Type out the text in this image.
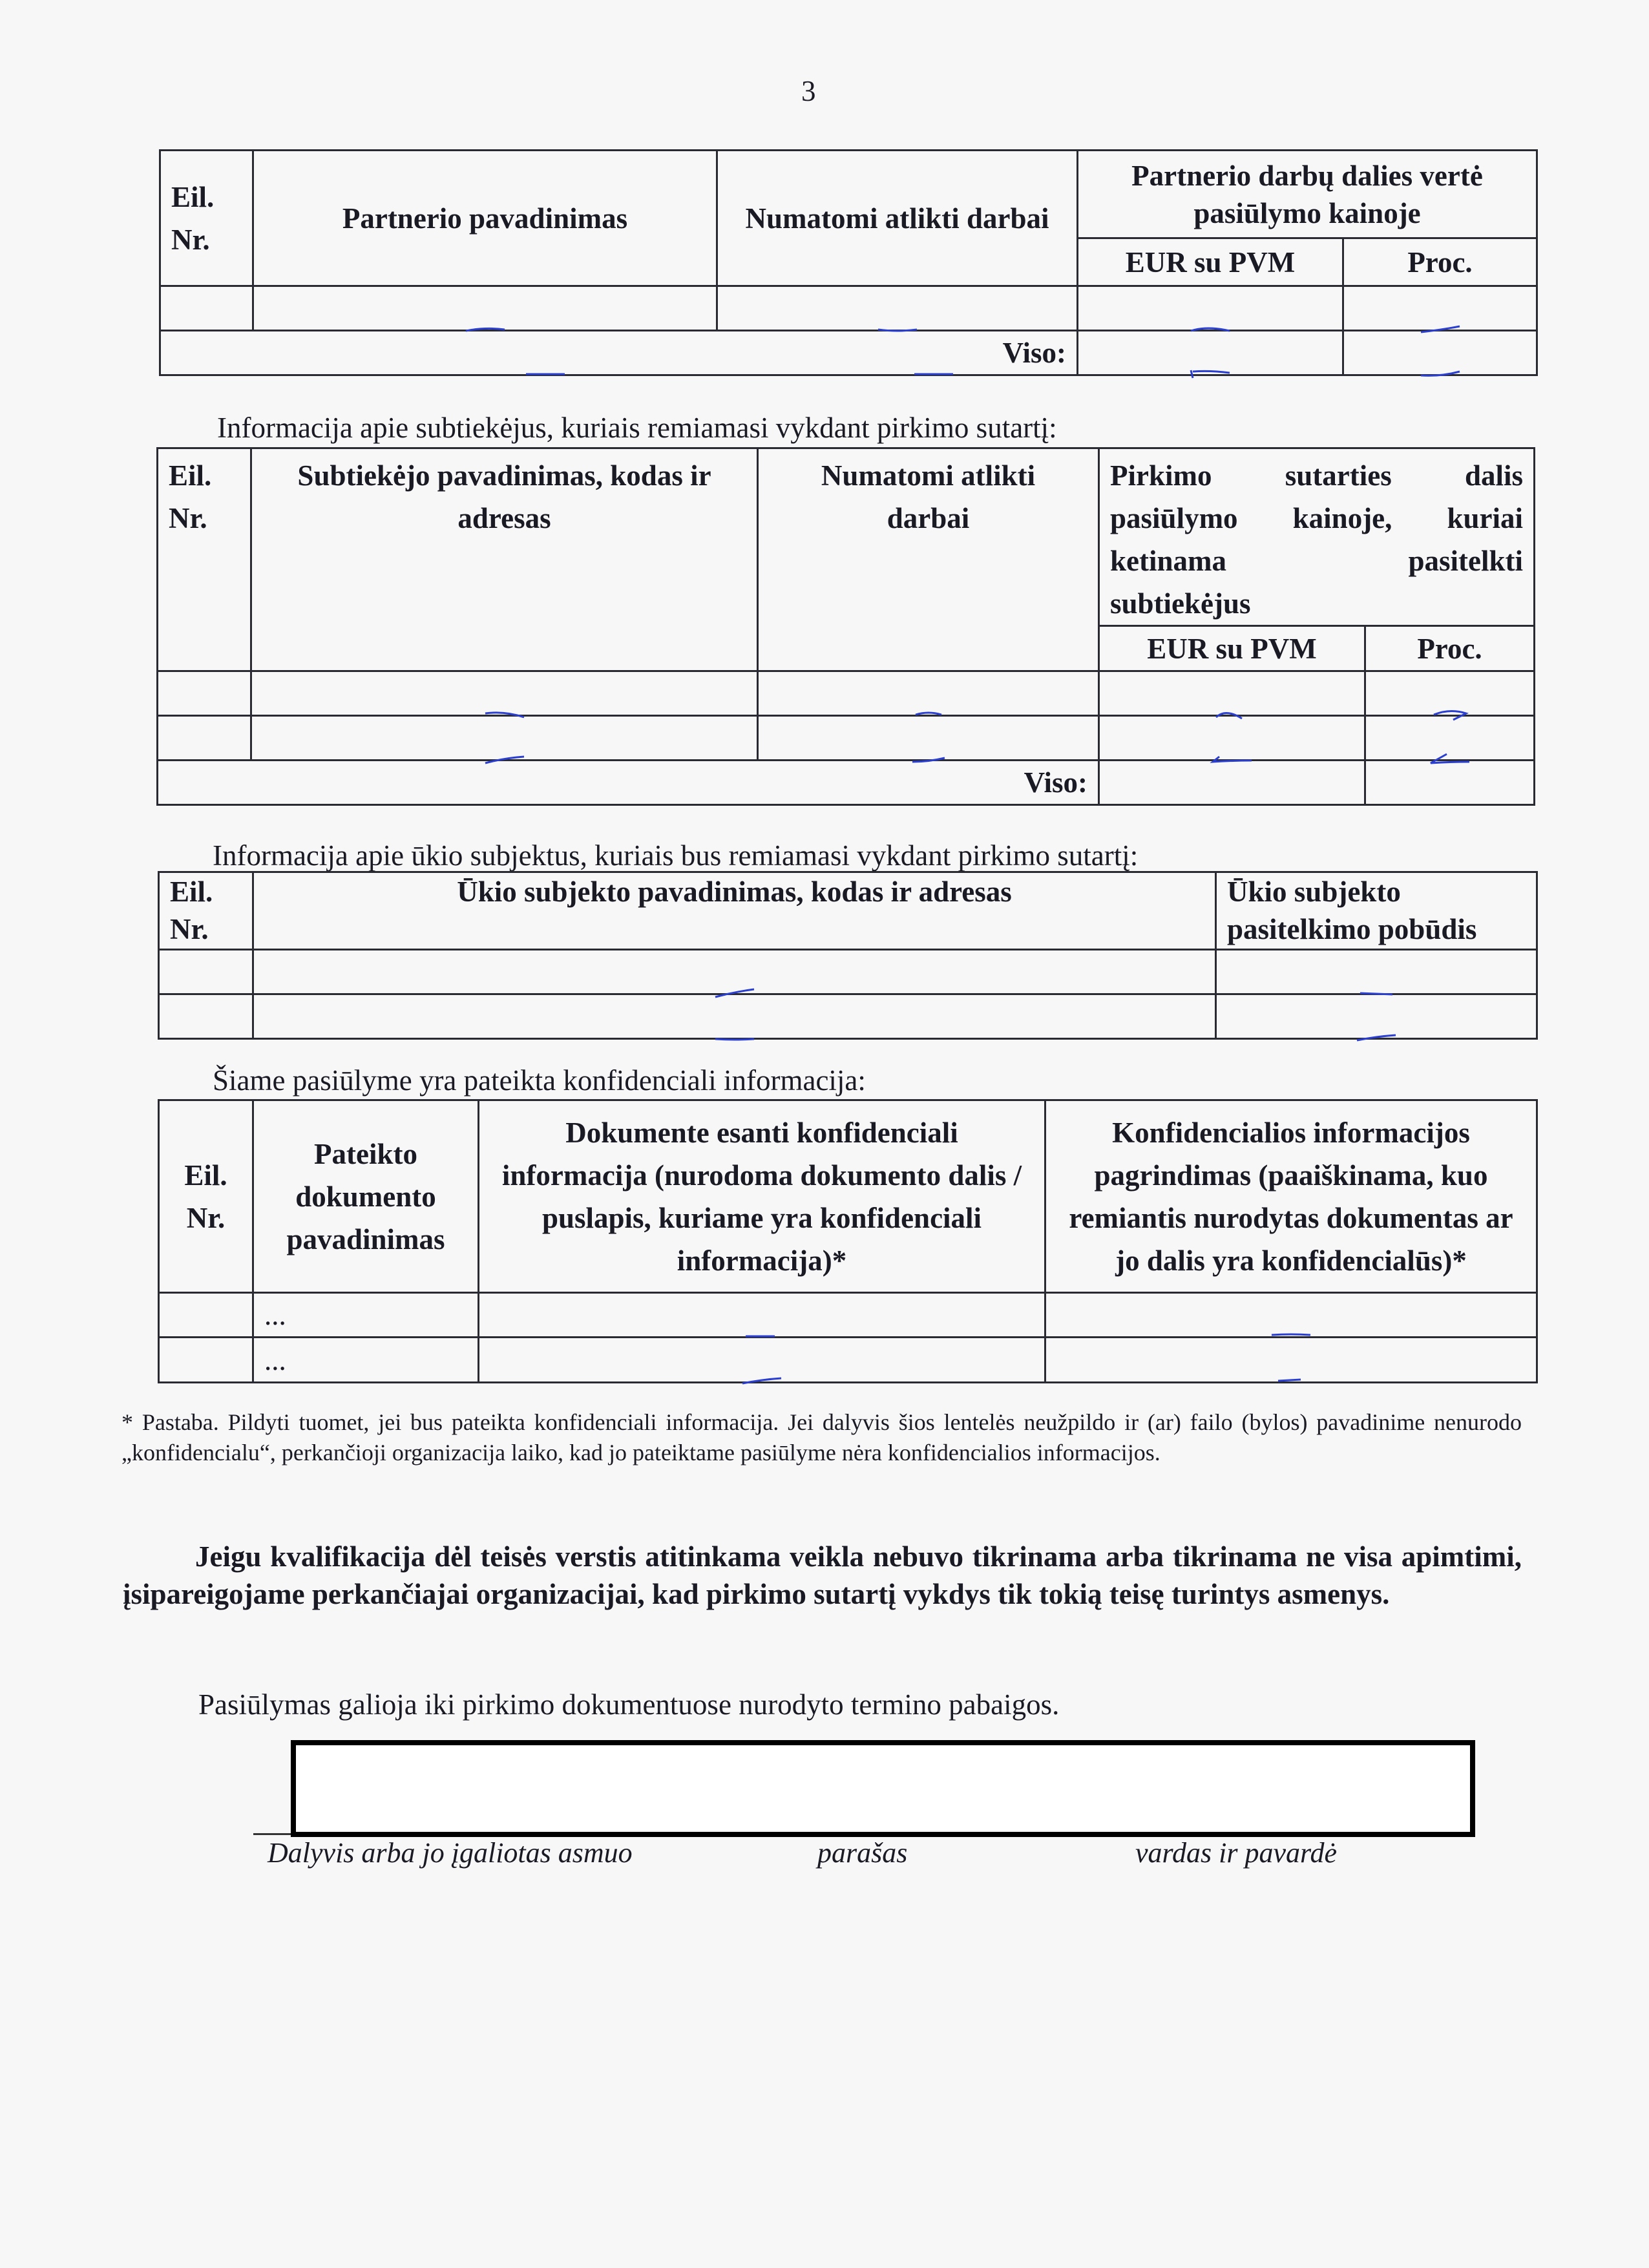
3
Eil. Nr.	Partnerio pavadinimas	Numatomi atlikti darbai	Partnerio darbų dalies vertė pasiūlymo kainoje	
			EUR su PVM	Proc.

Viso:		
Informacija apie subtiekėjus, kuriais remiamasi vykdant pirkimo sutartį:
Eil. Nr.	Subtiekėjo pavadinimas, kodas ir adresas	Numatomi atlikti darbai	Pirkimo sutarties dalis
pasiūlymo kainoje, kuriai
ketinama pasitelkti
subtiekėjus	

			EUR su PVM	Proc.

Viso:				
Informacija apie ūkio subjektus, kuriais bus remiamasi vykdant pirkimo sutartį:
Eil. Nr.	Ūkio subjekto pavadinimas, kodas ir adresas	Ūkio subjekto pasitelkimo pobūdis

Šiame pasiūlyme yra pateikta konfidenciali informacija:
Eil. Nr.	Pateikto dokumento pavadinimas	Dokumente esanti konfidenciali informacija (nurodoma dokumento dalis / puslapis, kuriame yra konfidenciali informacija)*	Konfidencialios informacijos pagrindimas (paaiškinama, kuo remiantis nurodytas dokumentas ar jo dalis yra konfidencialūs)*
	...		
	...		
* Pastaba. Pildyti tuomet, jei bus pateikta konfidenciali informacija. Jei dalyvis šios lentelės neužpildo ir (ar) failo (bylos) pavadinime nenurodo „konfidencialu“, perkančioji organizacija laiko, kad jo pateiktame pasiūlyme nėra konfidencialios informacijos.
Jeigu kvalifikacija dėl teisės verstis atitinkama veikla nebuvo tikrinama arba tikrinama ne visa apimtimi, įsipareigojame perkančiajai organizacijai, kad pirkimo sutartį vykdys tik tokią teisę turintys asmenys.
Pasiūlymas galioja iki pirkimo dokumentuose nurodyto termino pabaigos.
Dalyvis arba jo įgaliotas asmuo	parašas	vardas ir pavardė
